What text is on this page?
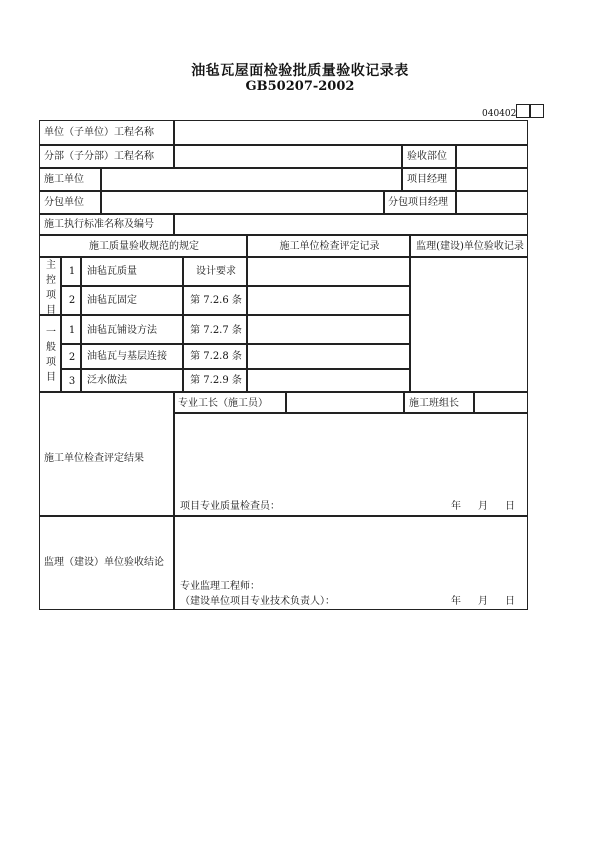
油毡瓦屋面检验批质量验收记录表
GB50207-2002
040402
单位（子单位）工程名称
分部（子分部）工程名称	验收部位
施工单位	项目经理
分包单位	分包项目经理
施工执行标准名称及编号
施工质量验收规范的规定	施工单位检查评定记录	监理(建设)单位验收记录
主控项目
1	油毡瓦质量	设计要求
2	油毡瓦固定	第 7.2.6 条
一般项目
1	油毡瓦铺设方法	第 7.2.7 条
2	油毡瓦与基层连接	第 7.2.8 条
3	泛水做法	第 7.2.9 条
施工单位检查评定结果
专业工长（施工员）	施工班组长
项目专业质量检查员：	年 月 日
监理（建设）单位验收结论
专业监理工程师：
（建设单位项目专业技术负责人）：	年 月 日
